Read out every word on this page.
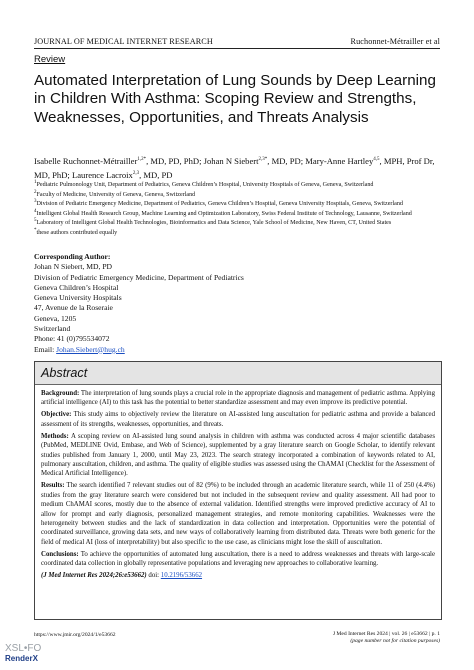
JOURNAL OF MEDICAL INTERNET RESEARCH	Ruchonnet-Métrailler et al
Review
Automated Interpretation of Lung Sounds by Deep Learning in Children With Asthma: Scoping Review and Strengths, Weaknesses, Opportunities, and Threats Analysis

Isabelle Ruchonnet-Métrailler$^{1,2*}$, MD, PD, PhD; Johan N Siebert$^{2,3*}$, MD, PD; Mary-Anne Hartley$^{4,5}$, MPH, Prof Dr, MD, PhD; Laurence Lacroix$^{2,3}$, MD, PD

$^1$Pediatric Pulmonology Unit, Department of Pediatrics, Geneva Children’s Hospital, University Hospitals of Geneva, Geneva, Switzerland
$^2$Faculty of Medicine, University of Geneva, Geneva, Switzerland
$^3$Division of Pediatric Emergency Medicine, Department of Pediatrics, Geneva Children’s Hospital, Geneva University Hospitals, Geneva, Switzerland
$^4$Intelligent Global Health Research Group, Machine Learning and Optimization Laboratory, Swiss Federal Institute of Technology, Lausanne, Switzerland
$^5$Laboratory of Intelligent Global Health Technologies, Bioinformatics and Data Science, Yale School of Medicine, New Haven, CT, United States
*these authors contributed equally
Corresponding Author:
Johan N Siebert, MD, PD
Division of Pediatric Emergency Medicine, Department of Pediatrics
Geneva Children’s Hospital
Geneva University Hospitals
47, Avenue de la Roseraie
Geneva, 1205
Switzerland
Phone: 41 (0)795534072
Email: Johan.Siebert@hug.ch
Abstract

Background: The interpretation of lung sounds plays a crucial role in the appropriate diagnosis and management of pediatric asthma. Applying artificial intelligence (AI) to this task has the potential to better standardize assessment and may even improve its predictive potential.

Objective: This study aims to objectively review the literature on AI-assisted lung auscultation for pediatric asthma and provide a balanced assessment of its strengths, weaknesses, opportunities, and threats.

Methods: A scoping review on AI-assisted lung sound analysis in children with asthma was conducted across 4 major scientific databases (PubMed, MEDLINE Ovid, Embase, and Web of Science), supplemented by a gray literature search on Google Scholar, to identify relevant studies published from January 1, 2000, until May 23, 2023. The search strategy incorporated a combination of keywords related to AI, pulmonary auscultation, children, and asthma. The quality of eligible studies was assessed using the ChAMAI (Checklist for the Assessment of Medical Artificial Intelligence).

Results: The search identified 7 relevant studies out of 82 (9%) to be included through an academic literature search, while 11 of 250 (4.4%) studies from the gray literature search were considered but not included in the subsequent review and quality assessment. All had poor to medium ChAMAI scores, mostly due to the absence of external validation. Identified strengths were improved predictive accuracy of AI to allow for prompt and early diagnosis, personalized management strategies, and remote monitoring capabilities. Weaknesses were the heterogeneity between studies and the lack of standardization in data collection and interpretation. Opportunities were the potential of coordinated surveillance, growing data sets, and new ways of collaboratively learning from distributed data. Threats were both generic for the field of medical AI (loss of interpretability) but also specific to the use case, as clinicians might lose the skill of auscultation.

Conclusions: To achieve the opportunities of automated lung auscultation, there is a need to address weaknesses and threats with large-scale coordinated data collection in globally representative populations and leveraging new approaches to collaborative learning.

(J Med Internet Res 2024;26:e53662) doi: 10.2196/53662

https://www.jmir.org/2024/1/e53662	J Med Internet Res 2024 | vol. 26 | e53662 | p. 1
(page number not for citation purposes)
XSL•FO
RenderX
